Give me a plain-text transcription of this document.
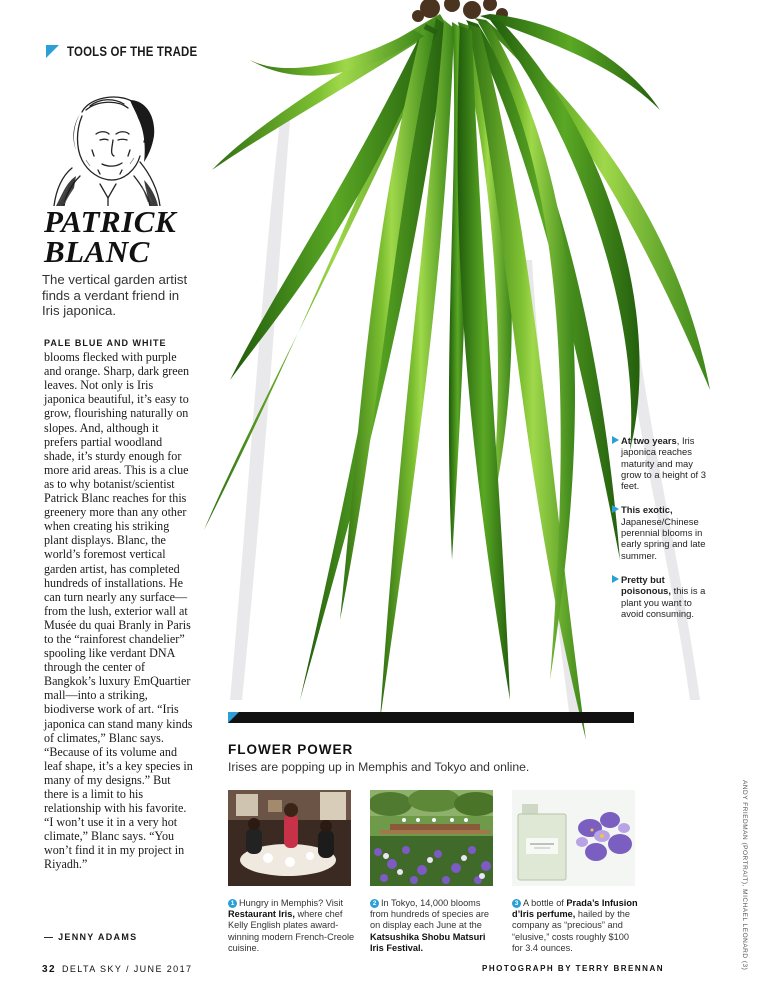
TOOLS OF THE TRADE
PATRICK
BLANC
The vertical garden artist finds a verdant friend in Iris japonica.

PALE BLUE AND WHITE blooms flecked with purple and orange. Sharp, dark green leaves. Not only is Iris japonica beautiful, it’s easy to grow, flourishing naturally on slopes. And, although it prefers partial woodland shade, it’s sturdy enough for more arid areas. This is a clue as to why botanist/scientist Patrick Blanc reaches for this greenery more than any other when creating his striking plant displays. Blanc, the world’s foremost vertical garden artist, has completed hundreds of installations. He can turn nearly any surface—from the lush, exterior wall at Musée du quai Branly in Paris to the “rainforest chandelier” spooling like verdant DNA through the center of Bangkok’s luxury EmQuartier mall—into a striking, biodiverse work of art. “Iris japonica can stand many kinds of climates,” Blanc says. “Because of its volume and leaf shape, it’s a key species in many of my designs.” But there is a limit to his relationship with his favorite. “I won’t use it in a very hot climate,” Blanc says. “You won’t find it in my project in Riyadh.”

— JENNY ADAMS
At two years, Iris japonica reaches maturity and may grow to a height of 3 feet.
This exotic, Japanese/Chinese perennial blooms in early spring and late summer.
Pretty but poisonous, this is a plant you want to avoid consuming.
FLOWER POWER
Irises are popping up in Memphis and Tokyo and online.
1 Hungry in Memphis? Visit Restaurant Iris, where chef Kelly English plates award-winning modern French-Creole cuisine.
2 In Tokyo, 14,000 blooms from hundreds of species are on display each June at the Katsushika Shobu Matsuri Iris Festival.
3 A bottle of Prada’s Infusion d’Iris perfume, hailed by the company as “precious” and “elusive,” costs roughly $100 for 3.4 ounces.	ANDY FRIEDMAN (PORTRAIT), MICHAEL LEONARD (3)
32 DELTA SKY / JUNE 2017	PHOTOGRAPH BY TERRY BRENNAN
